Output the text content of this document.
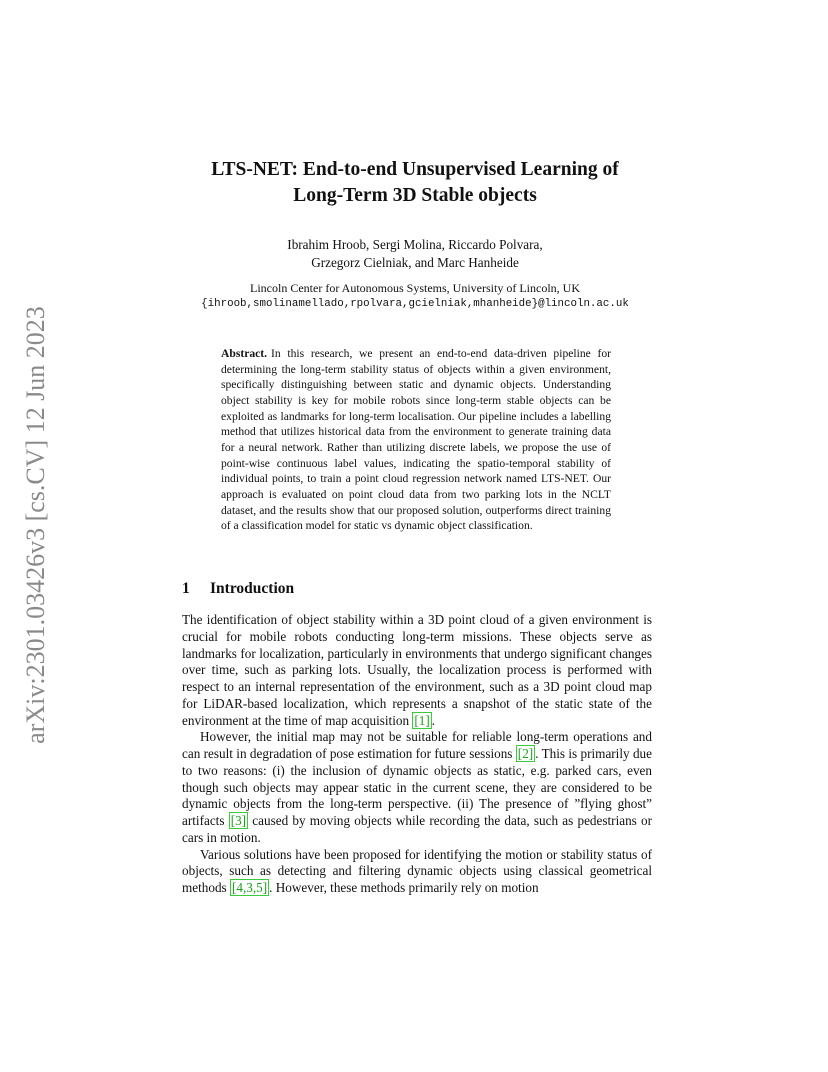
arXiv:2301.03426v3 [cs.CV] 12 Jun 2023
LTS-NET: End-to-end Unsupervised Learning of
Long-Term 3D Stable objects
Ibrahim Hroob, Sergi Molina, Riccardo Polvara,
Grzegorz Cielniak, and Marc Hanheide
Lincoln Center for Autonomous Systems, University of Lincoln, UK
{ihroob,smolinamellado,rpolvara,gcielniak,mhanheide}@lincoln.ac.uk
Abstract. In this research, we present an end-to-end data-driven pipeline for determining the long-term stability status of objects within a given environment, specifically distinguishing between static and dynamic objects. Understanding object stability is key for mobile robots since long-term stable objects can be exploited as landmarks for long-term localisation. Our pipeline includes a labelling method that utilizes historical data from the environment to generate training data for a neural network. Rather than utilizing discrete labels, we propose the use of point-wise continuous label values, indicating the spatio-temporal stability of individual points, to train a point cloud regression network named LTS-NET. Our approach is evaluated on point cloud data from two parking lots in the NCLT dataset, and the results show that our proposed solution, outperforms direct training of a classification model for static vs dynamic object classification.
1 Introduction

The identification of object stability within a 3D point cloud of a given environment is crucial for mobile robots conducting long-term missions. These objects serve as landmarks for localization, particularly in environments that undergo significant changes over time, such as parking lots. Usually, the localization process is performed with respect to an internal representation of the environment, such as a 3D point cloud map for LiDAR-based localization, which represents a snapshot of the static state of the environment at the time of map acquisition [1] .

However, the initial map may not be suitable for reliable long-term operations and can result in degradation of pose estimation for future sessions [2] . This is primarily due to two reasons: (i) the inclusion of dynamic objects as static, e.g. parked cars, even though such objects may appear static in the current scene, they are considered to be dynamic objects from the long-term perspective. (ii) The presence of ”flying ghost” artifacts [3] caused by moving objects while recording the data, such as pedestrians or cars in motion.

Various solutions have been proposed for identifying the motion or stability status of objects, such as detecting and filtering dynamic objects using classical geometrical methods [4,3,5] . However, these methods primarily rely on motion
